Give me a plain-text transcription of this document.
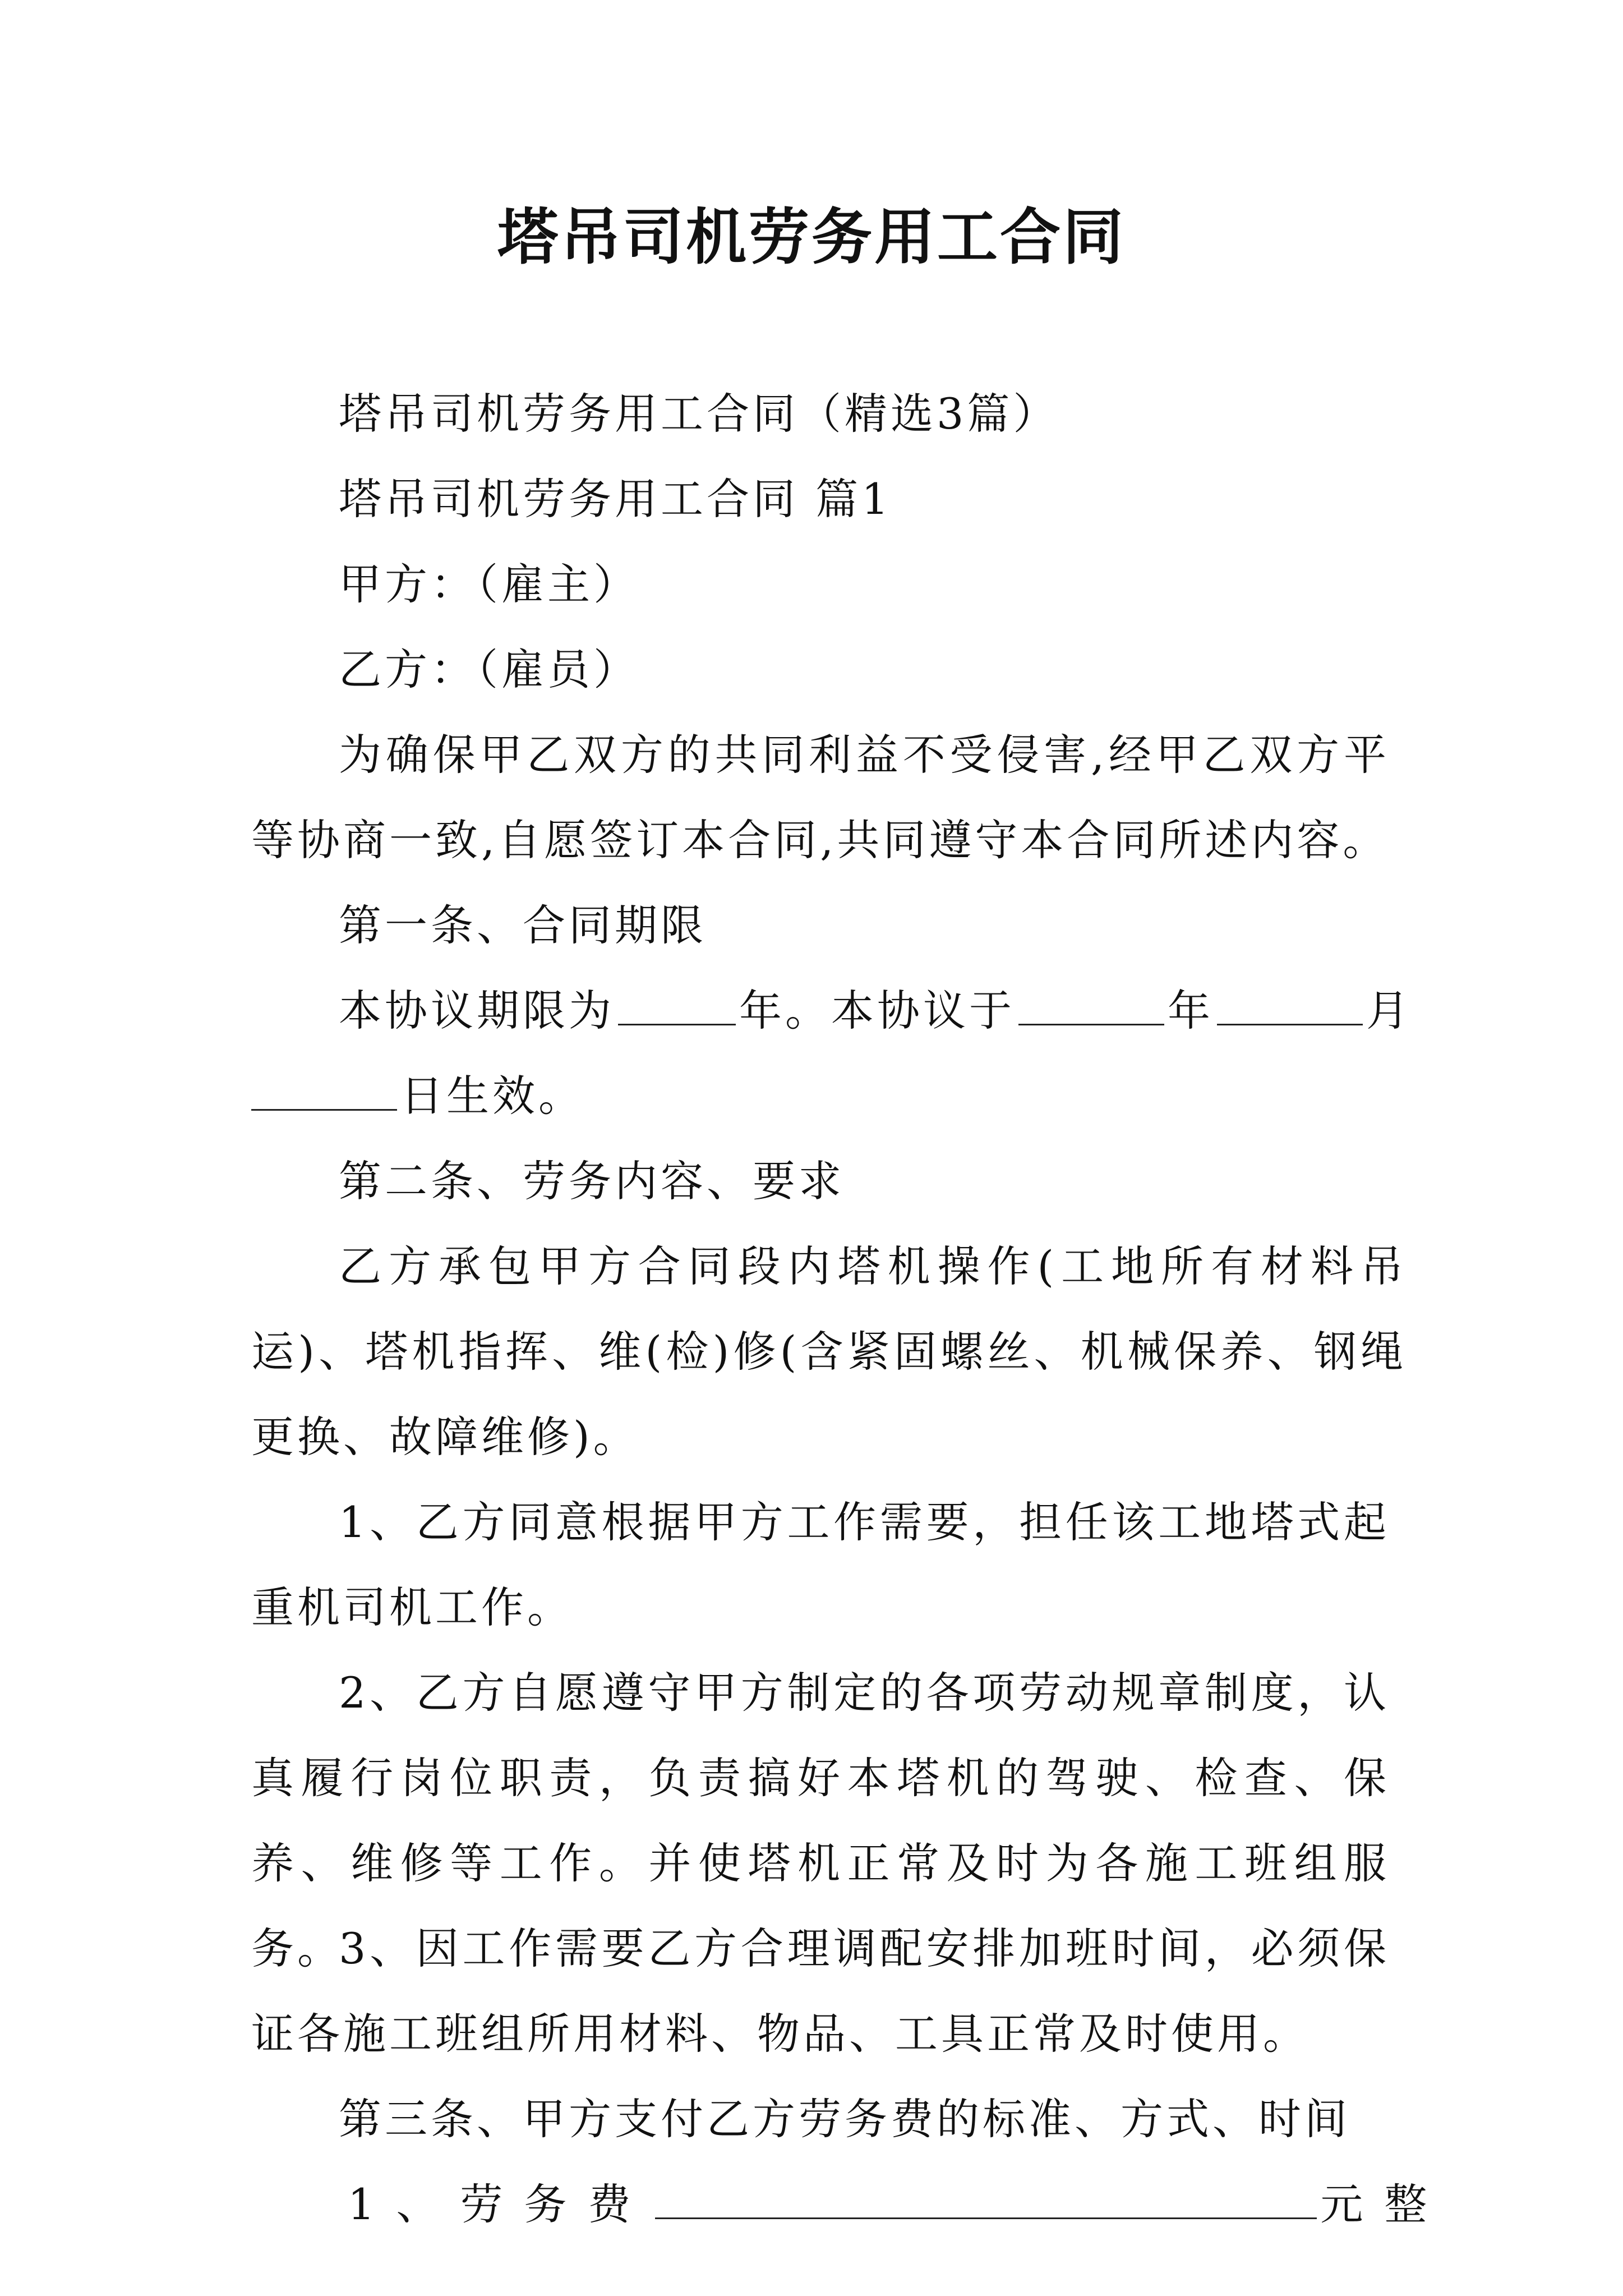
塔吊司机劳务用工合同
塔吊司机劳务用工合同（精选3篇）
塔吊司机劳务用工合同 篇1
甲方：（雇主）
乙方：（雇员）
为确保甲乙双方的共同利益不受侵害,经甲乙双方平等协商一致,自愿签订本合同,共同遵守本合同所述内容。
第一条、合同期限
本协议期限为	年。本协议于	年	月
日生效。
第二条、劳务内容、要求
乙方承包甲方合同段内塔机操作(工地所有材料吊运)、塔机指挥、维(检)修(含紧固螺丝、机械保养、钢绳更换、故障维修)。
1、乙方同意根据甲方工作需要，担任该工地塔式起重机司机工作。
2、乙方自愿遵守甲方制定的各项劳动规章制度，认真履行岗位职责，负责搞好本塔机的驾驶、检查、保养、维修等工作。并使塔机正常及时为各施工班组服务。
3、因工作需要乙方合理调配安排加班时间，必须保证各施工班组所用材料、物品、工具正常及时使用。
第三条、甲方支付乙方劳务费的标准、方式、时间
1、劳务费	元整
